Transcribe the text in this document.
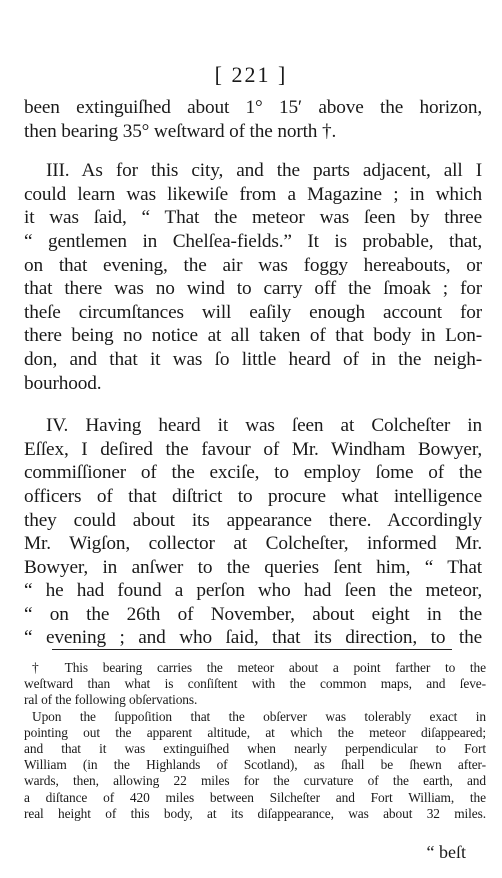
[ 221 ]
been extinguiſhed about 1° 15′ above the horizon,
then bearing 35° weſtward of the north †.
III. As for this city, and the parts adjacent, all I
could learn was likewiſe from a Magazine ; in which
it was ſaid, “ That the meteor was ſeen by three
“ gentlemen in Chelſea-fields.” It is probable, that,
on that evening, the air was foggy hereabouts, or
that there was no wind to carry off the ſmoak ; for
theſe circumſtances will eaſily enough account for
there being no notice at all taken of that body in Lon-
don, and that it was ſo little heard of in the neigh-
bourhood.
IV. Having heard it was ſeen at Colcheſter in
Eſſex, I deſired the favour of Mr. Windham Bowyer,
commiſſioner of the exciſe, to employ ſome of the
officers of that diſtrict to procure what intelligence
they could about its appearance there. Accordingly
Mr. Wigſon, collector at Colcheſter, informed Mr.
Bowyer, in anſwer to the queries ſent him, “ That
“ he had found a perſon who had ſeen the meteor,
“ on the 26th of November, about eight in the
“ evening ; and who ſaid, that its direction, to the
† This bearing carries the meteor about a point farther to the
weſtward than what is conſiſtent with the common maps, and ſeve-
ral of the following obſervations.
Upon the ſuppoſition that the obſerver was tolerably exact in
pointing out the apparent altitude, at which the meteor diſappeared;
and that it was extinguiſhed when nearly perpendicular to Fort
William (in the Highlands of Scotland), as ſhall be ſhewn after-
wards, then, allowing 22 miles for the curvature of the earth, and
a diſtance of 420 miles between Silcheſter and Fort William, the
real height of this body, at its diſappearance, was about 32 miles.
“ beſt
